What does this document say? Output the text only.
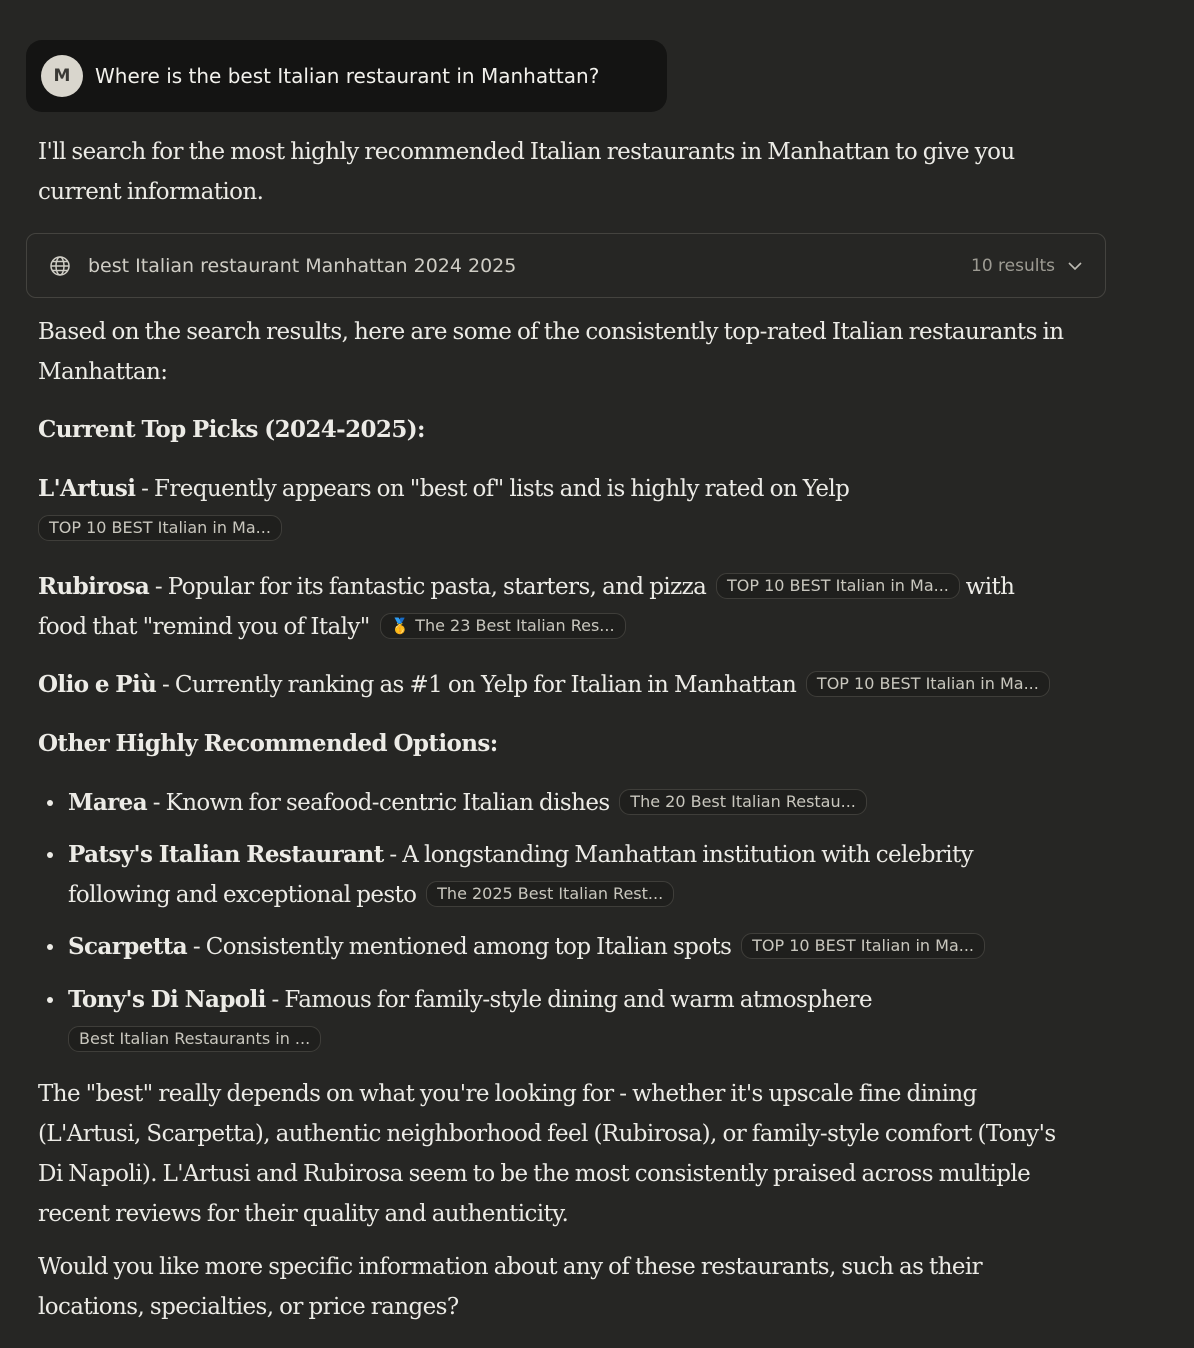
M	Where is the best Italian restaurant in Manhattan?
I'll search for the most highly recommended Italian restaurants in Manhattan to give you current information.
best Italian restaurant Manhattan 2024 2025	10 results
Based on the search results, here are some of the consistently top-rated Italian restaurants in Manhattan:
Current Top Picks (2024-2025):
L'Artusi - Frequently appears on "best of" lists and is highly rated on Yelp
TOP 10 BEST Italian in Ma...
Rubirosa - Popular for its fantastic pasta, starters, and pizza TOP 10 BEST Italian in Ma... with food that "remind you of Italy" 🥇 The 23 Best Italian Res...
Olio e Più - Currently ranking as #1 on Yelp for Italian in Manhattan TOP 10 BEST Italian in Ma...
Other Highly Recommended Options:
Marea - Known for seafood-centric Italian dishes The 20 Best Italian Restau...
Patsy's Italian Restaurant - A longstanding Manhattan institution with celebrity following and exceptional pesto The 2025 Best Italian Rest...
Scarpetta - Consistently mentioned among top Italian spots TOP 10 BEST Italian in Ma...
Tony's Di Napoli - Famous for family-style dining and warm atmosphere
Best Italian Restaurants in ...
The "best" really depends on what you're looking for - whether it's upscale fine dining (L'Artusi, Scarpetta), authentic neighborhood feel (Rubirosa), or family-style comfort (Tony's Di Napoli). L'Artusi and Rubirosa seem to be the most consistently praised across multiple recent reviews for their quality and authenticity.
Would you like more specific information about any of these restaurants, such as their locations, specialties, or price ranges?
